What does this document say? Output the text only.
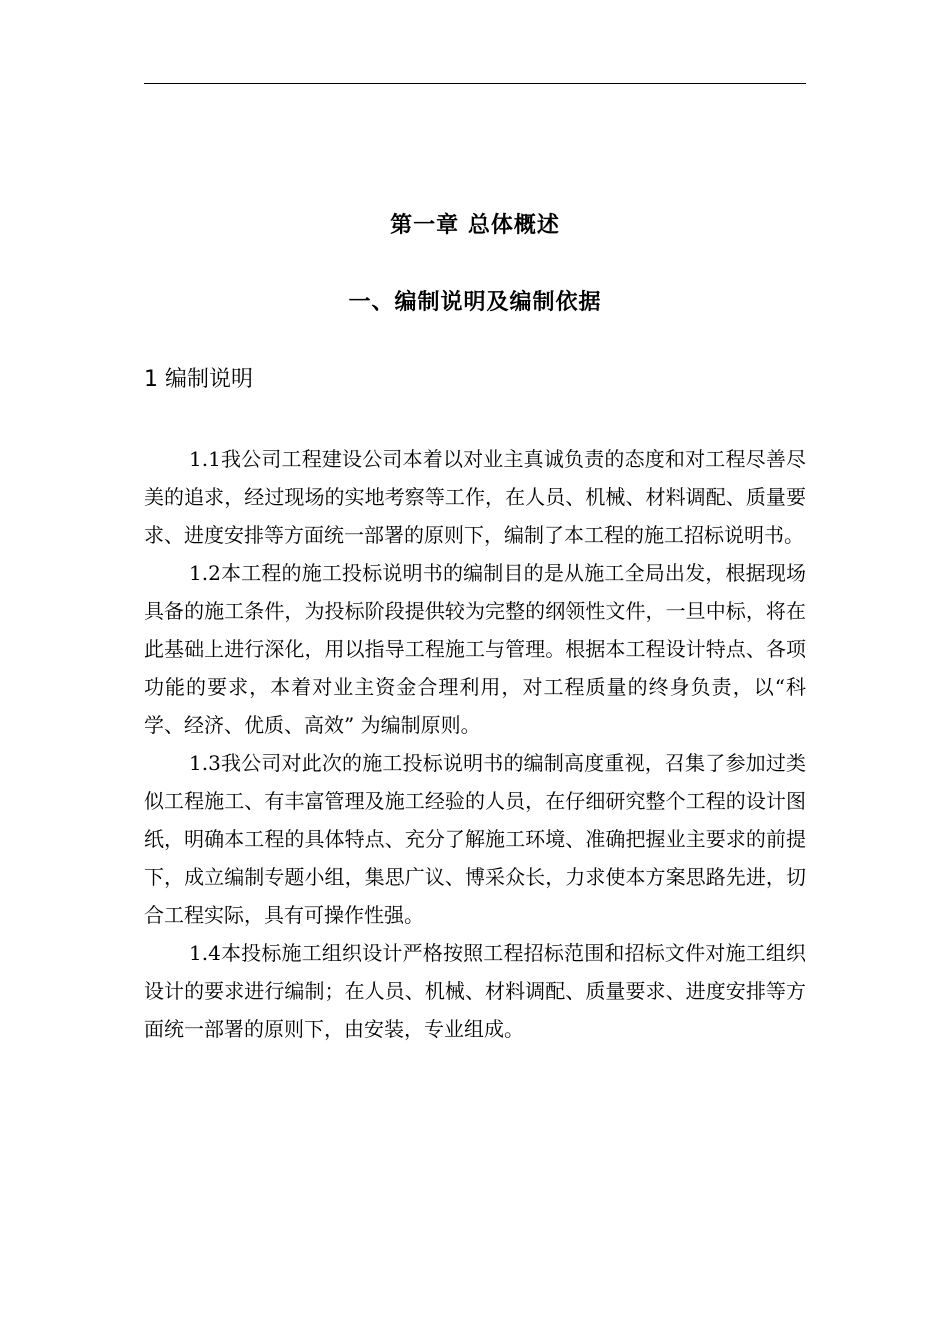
第一章 总体概述
一、编制说明及编制依据
1 编制说明

1.1我公司工程建设公司本着以对业主真诚负责的态度和对工程尽善尽美的追求，经过现场的实地考察等工作，在人员、机械、材料调配、质量要求、进度安排等方面统一部署的原则下，编制了本工程的施工招标说明书。

1.2本工程的施工投标说明书的编制目的是从施工全局出发，根据现场具备的施工条件，为投标阶段提供较为完整的纲领性文件，一旦中标，将在此基础上进行深化，用以指导工程施工与管理。根据本工程设计特点、各项功能的要求，本着对业主资金合理利用，对工程质量的终身负责，以“科学、经济、优质、高效” 为编制原则。

1.3我公司对此次的施工投标说明书的编制高度重视，召集了参加过类似工程施工、有丰富管理及施工经验的人员，在仔细研究整个工程的设计图纸，明确本工程的具体特点、充分了解施工环境、准确把握业主要求的前提下，成立编制专题小组，集思广议、博采众长，力求使本方案思路先进，切合工程实际，具有可操作性强。

1.4本投标施工组织设计严格按照工程招标范围和招标文件对施工组织设计的要求进行编制；在人员、机械、材料调配、质量要求、进度安排等方面统一部署的原则下，由安装，专业组成。
